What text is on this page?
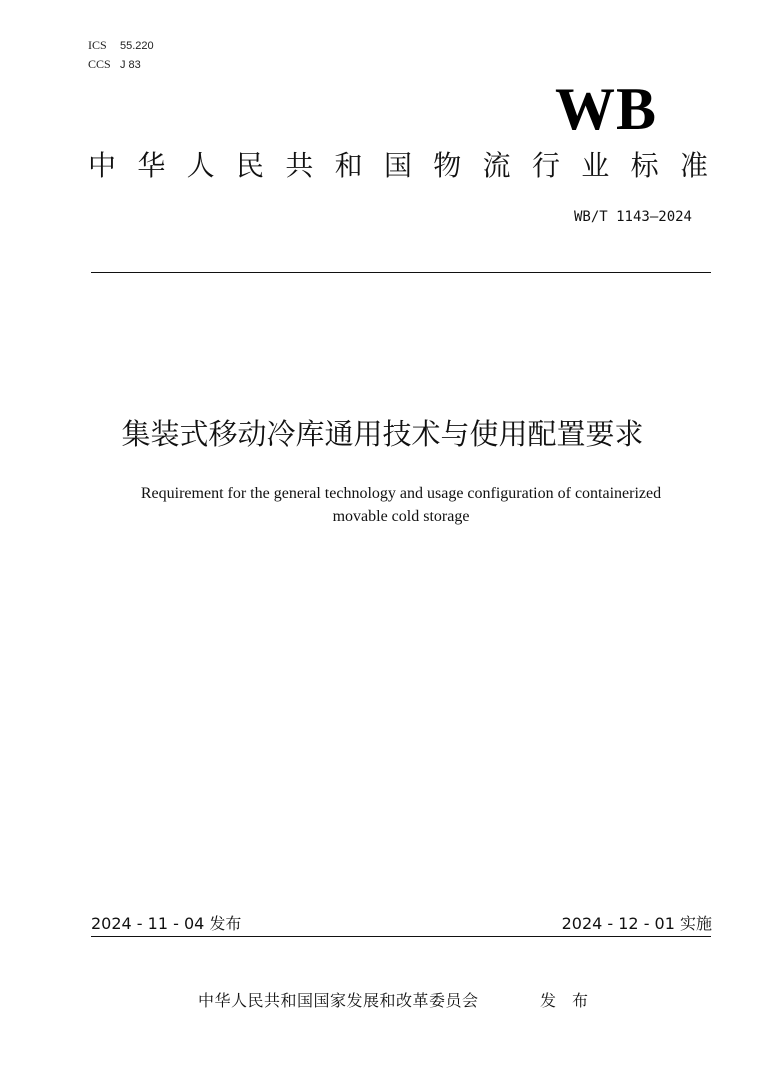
ICS 55.220
CCS J 83
WB
中 华 人 民 共 和 国 物 流 行 业 标 准
WB/T 1143—2024
集装式移动冷库通用技术与使用配置要求
Requirement for the general technology and usage configuration of containerized
movable cold storage
2024 - 11 - 04 发布	2024 - 12 - 01 实施
中华人民共和国国家发展和改革委员会	发布
